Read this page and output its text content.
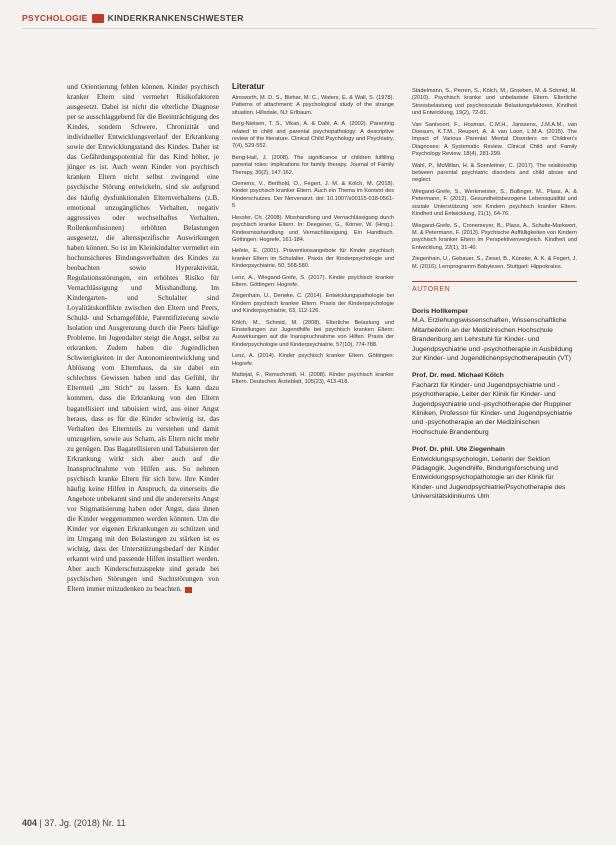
PSYCHOLOGIE KINDERKRANKENSCHWESTER

und Orientierung fehlen können. Kinder psychisch kranker Eltern sind vermehrt Risikofaktoren ausgesetzt. Dabei ist nicht die elterliche Diagnose per se ausschlaggebend für die Beeinträchtigung des Kindes, sondern Schwere, Chronizität und individueller Entwicklungsverlauf der Erkrankung sowie der Entwicklungsstand des Kindes. Daher ist das Gefährdungspotential für das Kind höher, je jünger es ist. Auch wenn Kinder von psychisch kranken Eltern nicht selbst zwingend eine psychische Störung entwickeln, sind sie aufgrund des häufig dysfunktionalen Elternverhaltens (z.B. emotional unzugängliches Verhalten, negativ aggressives oder wechselhaftes Verhalten, Rollenkonfusionen) erhöhten Belastungen ausgesetzt, die altersspezifische Auswirkungen haben können. So ist im Kleinkindalter vermehrt ein hochunsicheres Bindungsverhalten des Kindes zu beobachten sowie Hyperaktivität, Regulationsstörungen, ein erhöhtes Risiko für Vernachlässigung und Misshandlung. Im Kindergarten- und Schulalter sind Loyalitätskonflikte zwischen den Eltern und Peers, Schuld- und Schamgefühle, Parentifizierung sowie Isolation und Ausgrenzung durch die Peers häufige Probleme. Im Jugendalter steigt die Angst, selbst zu erkranken. Zudem haben die Jugendlichen Schwierigkeiten in der Autonomieentwicklung und Ablösung vom Elternhaus, da sie dabei ein schlechtes Gewissen haben und das Gefühl, ihr Elternteil „im Stich“ zu lassen. Es kann dazu kommen, dass die Erkrankung von den Eltern bagatellisiert und tabuisiert wird, aus einer Angst heraus, dass es für die Kinder schwierig ist, das Verhalten des Elternteils zu verstehen und damit umzugehen, sowie aus Scham, als Eltern nicht mehr zu genügen. Das Bagatellisieren und Tabuisieren der Erkrankung wirkt sich aber auch auf die Inanspruchnahme von Hilfen aus. So nehmen psychisch kranke Eltern für sich bzw. ihre Kinder häufig keine Hilfen in Anspruch, da einerseits die Angebote unbekannt sind und die andererseits Angst vor Stigmatisierung haben oder Angst, dass ihnen die Kinder weggenommen werden könnten. Um die Kinder vor eigenen Erkrankungen zu schützen und im Umgang mit den Belastungen zu stärken ist es wichtig, dass der Unterstützungsbedarf der Kinder erkannt wird und passende Hilfen installiert werden. Aber auch Kinderschutzaspekte sind gerade bei psychischen Störungen und Suchtstörungen von Eltern immer mitzudenken zu beachten.

Literatur

Ainsworth, M. D. S., Blehar, M. C., Waters, E. & Wall, S. (1978). Patterns of attachment: A psychological study of the strange situation. Hillsdale, NJ: Erlbaum.

Berg-Nielsen, T. S., Vikan, A. & Dahl, A. A. (2002). Parenting related to child and parental psychopathology: A descriptive review of the literature. Clinical Child Psychology and Psychiatry, 7(4), 529-552.

Beng-Hall, J. (2008). The significance of children fulfilling parental roles: implications for family therapy. Journal of Family Therapy, 30(2), 147-162.

Clemens, V., Berthold, O., Fegert, J. M. & Kölch, M. (2018). Kinder psychisch kranker Eltern. Auch ein Thema im Kontext des Kinderschutzes. Der Nervenarzt. doi: 10.1007/s00115-018-0561-5

Hessler, Ch. (2008). Misshandlung und Vernachlässigung durch psychisch kranke Eltern. In: Deegener, G., Körner, W. (Hrsg.). Kindesmisshandlung und Vernachlässigung. Ein Handbuch. Göttingen: Hogrefe, 161-184.

Hefele, E. (2001). Präventionsangebote für Kinder psychisch kranker Eltern im Schulalter. Praxis der Kinderpsychologie und Kinderpsychiatrie, 50, 568-580.

Lenz, A., Wiegand-Grefe, S. (2017). Kinder psychisch kranker Eltern. Göttingen: Hogrefe.

Ziegenhain, U., Deneke, C. (2014). Entwicklungspathologie bei Kindern psychisch kranker Eltern. Praxis der Kinderpsychologie und Kinderpsychiatrie, 63, 112-126.

Kölch, M., Schmid, M. (2008). Elterliche Belastung und Einstellungen zur Jugendhilfe bei psychisch kranken Eltern: Auswirkungen auf die Inanspruchnahme von Hilfen. Praxis der Kinderpsychologie und Kinderpsychiatrie, 57(10), 774-788.

Lenz, A. (2014). Kinder psychisch kranker Eltern. Göttingen: Hogrefe.

Mattejat, F., Remschmidt, H. (2008). Kinder psychisch kranker Eltern. Deutsches Ärzteblatt, 105(23), 413-418.

Stadelmann, S., Perren, S., Kölch, M., Groeben, M. & Schmid, M. (2010). Psychisch kranke und unbelastete Eltern. Elterliche Stressbelastung und psychosoziale Belastungsfaktoren. Kindheit und Entwicklung, 19(2), 72-81.

Van Santvoort, F., Hosman, C.M.H., Janssens, J.M.A.M., van Doesum, K.T.M., Reupert, A. & van Loon, L.M.A. (2015). The Impact of Various Parental Mental Disorders on Children's Diagnoses: A Systematic Review. Clinical Child and Family Psychology Review, 18(4), 281-299.

Wahl, P., McMillan, H. & Sonnleitner, C. (2017). The relationship between parental psychiatric disorders and child abuse and neglect.

Wiegand-Grefe, S., Werkmeister, S., Bullinger, M., Plass, A. & Petermann, F. (2012). Gesundheitsbezogene Lebensqualität und soziale Unterstützung von Kindern psychisch kranker Eltern. Kindheit und Entwicklung, 21(1), 64-76.

Wiegand-Grefe, S., Cronemeyer, B., Plass, A., Schulte-Markwort, M. & Petermann, F. (2013). Psychische Auffälligkeiten von Kindern psychisch kranker Eltern im Perspektivenvergleich. Kindheit und Entwicklung, 22(1), 31-40.

Ziegenhain, U., Gebauer, S., Ziesel, B., Künster, A. K. & Fegert, J. M. (2016). Lernprogramm Babylesen. Stuttgart: Hippokrates.

AUTOREN
Doris Hollkemper
M.A. Erziehungswissenschaften, Wissenschaftliche Mitarbeiterin an der Medizinischen Hochschule Brandenburg am Lehrstuhl für Kinder- und Jugendpsychiatrie und -psychotherapie in Ausbildung zur Kinder- und Jugendlichenpsychotherapeutin (VT)
Prof. Dr. med. Michael Kölch
Facharzt für Kinder- und Jugendpsychiatrie und -psychotherapie, Leiter der Klinik für Kinder- und Jugendpsychiatrie und -psychotherapie der Ruppiner Kliniken, Professor für Kinder- und Jugendpsychiatrie und -psychotherapie an der Medizinischen Hochschule Brandenburg
Prof. Dr. phil. Ute Ziegenhain
Entwicklungspsychologin, Leiterin der Sektion Pädagogik, Jugendhilfe, Bindungsforschung und Entwicklungspsychopathologie an der Klinik für Kinder- und Jugendpsychiatrie/Psychotherapie des Universitätsklinikums Ulm
404 | 37. Jg. (2018) Nr. 11
